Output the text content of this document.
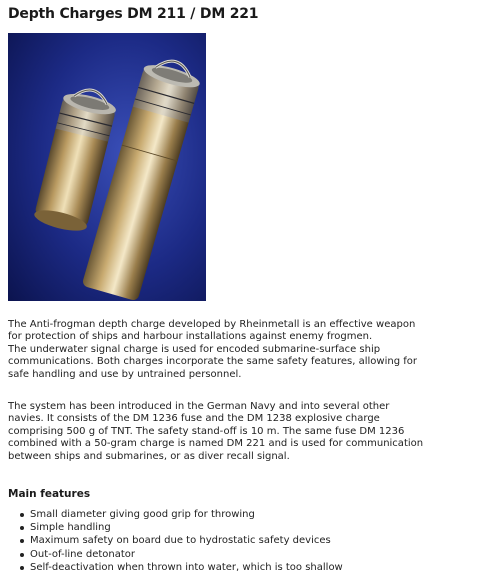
Depth Charges DM 211 / DM 221

The Anti-frogman depth charge developed by Rheinmetall is an effective weapon
for protection of ships and harbour installations against enemy frogmen.
The underwater signal charge is used for encoded submarine-surface ship
communications. Both charges incorporate the same safety features, allowing for
safe handling and use by untrained personnel.

The system has been introduced in the German Navy and into several other
navies. It consists of the DM 1236 fuse and the DM 1238 explosive charge
comprising 500 g of TNT. The safety stand-off is 10 m. The same fuse DM 1236
combined with a 50-gram charge is named DM 221 and is used for communication
between ships and submarines, or as diver recall signal.

Main features
Small diameter giving good grip for throwing
Simple handling
Maximum safety on board due to hydrostatic safety devices
Out-of-line detonator
Self-deactivation when thrown into water, which is too shallow
